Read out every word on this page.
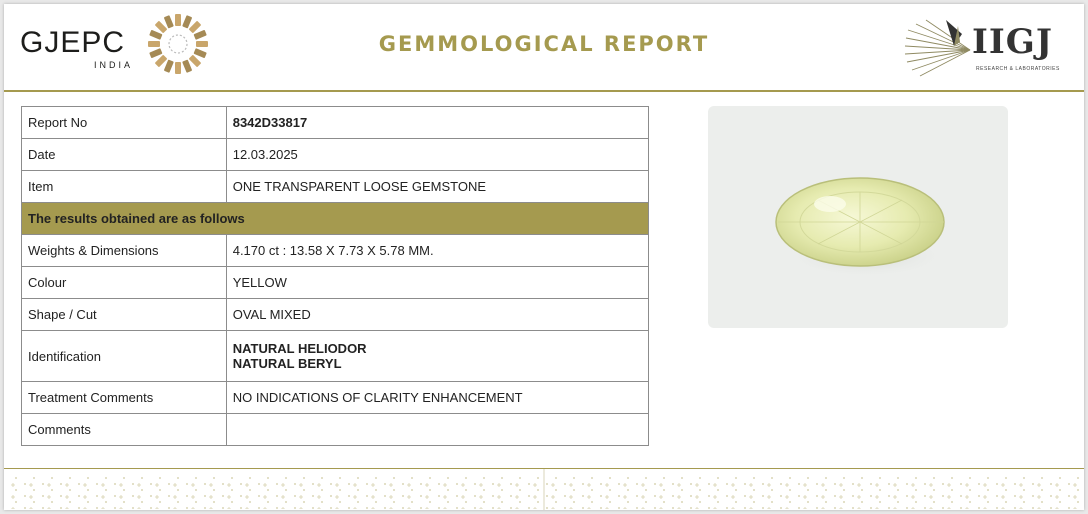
GJEPC
INDIA
GEMMOLOGICAL REPORT	IIGJ
RESEARCH & LABORATORIES
Report No	8342D33817
Date	12.03.2025
Item	ONE TRANSPARENT LOOSE GEMSTONE
The results obtained are as follows	
Weights & Dimensions	4.170 ct : 13.58 X 7.73 X 5.78 MM.
Colour	YELLOW
Shape / Cut	OVAL MIXED
Identification	NATURAL HELIODOR
NATURAL BERYL

Treatment Comments	NO INDICATIONS OF CLARITY ENHANCEMENT
Comments	
